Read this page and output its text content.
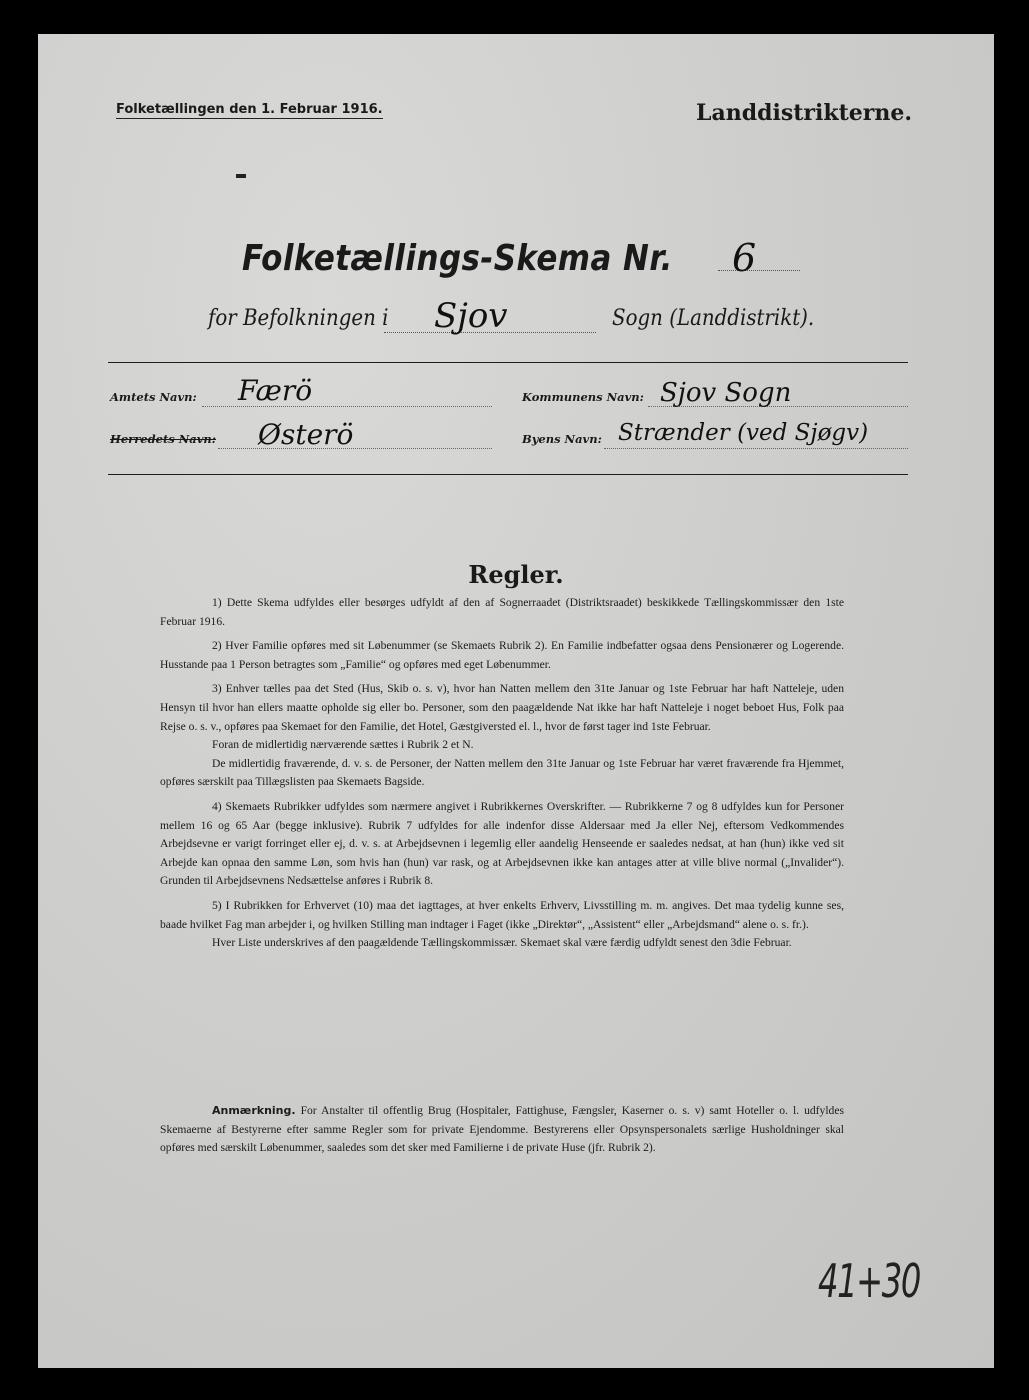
Folketællingen den 1. Februar 1916.	Landdistrikterne.
Folketællings-Skema Nr. 6
for Befolkningen i Sjov	Sogn (Landdistrikt).
Amtets Navn: Færö
Herredets Navn: Østerö
Kommunens Navn: Sjov Sogn
Byens Navn: Strænder (ved Sjøgv)
Regler.

1) Dette Skema udfyldes eller besørges udfyldt af den af Sognerraadet (Distriktsraadet) beskikkede Tællingskommissær den 1ste Februar 1916.

2) Hver Familie opføres med sit Løbenummer (se Skemaets Rubrik 2). En Familie indbefatter ogsaa dens Pensionærer og Logerende. Husstande paa 1 Person betragtes som „Familie“ og opføres med eget Løbenummer.

3) Enhver tælles paa det Sted (Hus, Skib o. s. v), hvor han Natten mellem den 31te Januar og 1ste Februar har haft Natteleje, uden Hensyn til hvor han ellers maatte opholde sig eller bo. Personer, som den paagældende Nat ikke har haft Natteleje i noget beboet Hus, Folk paa Rejse o. s. v., opføres paa Skemaet for den Familie, det Hotel, Gæstgiversted el. l., hvor de først tager ind 1ste Februar.

Foran de midlertidig nærværende sættes i Rubrik 2 et N.

De midlertidig fraværende, d. v. s. de Personer, der Natten mellem den 31te Januar og 1ste Februar har været fraværende fra Hjemmet, opføres særskilt paa Tillægslisten paa Skemaets Bagside.

4) Skemaets Rubrikker udfyldes som nærmere angivet i Rubrikkernes Overskrifter. — Rubrikkerne 7 og 8 udfyldes kun for Personer mellem 16 og 65 Aar (begge inklusive). Rubrik 7 udfyldes for alle indenfor disse Aldersaar med Ja eller Nej, eftersom Vedkommendes Arbejdsevne er varigt forringet eller ej, d. v. s. at Arbejdsevnen i legemlig eller aandelig Henseende er saaledes nedsat, at han (hun) ikke ved sit Arbejde kan opnaa den samme Løn, som hvis han (hun) var rask, og at Arbejdsevnen ikke kan antages atter at ville blive normal („Invalider“). Grunden til Arbejdsevnens Nedsættelse anføres i Rubrik 8.

5) I Rubrikken for Erhvervet (10) maa det iagttages, at hver enkelts Erhverv, Livsstilling m. m. angives. Det maa tydelig kunne ses, baade hvilket Fag man arbejder i, og hvilken Stilling man indtager i Faget (ikke „Direktør“, „Assistent“ eller „Arbejdsmand“ alene o. s. fr.).

Hver Liste underskrives af den paagældende Tællingskommissær. Skemaet skal være færdig udfyldt senest den 3die Februar.

Anmærkning. For Anstalter til offentlig Brug (Hospitaler, Fattighuse, Fængsler, Kaserner o. s. v) samt Hoteller o. l. udfyldes Skemaerne af Bestyrerne efter samme Regler som for private Ejendomme. Bestyrerens eller Opsynspersonalets særlige Husholdninger skal opføres med særskilt Løbenummer, saaledes som det sker med Familierne i de private Huse (jfr. Rubrik 2).

41+30
